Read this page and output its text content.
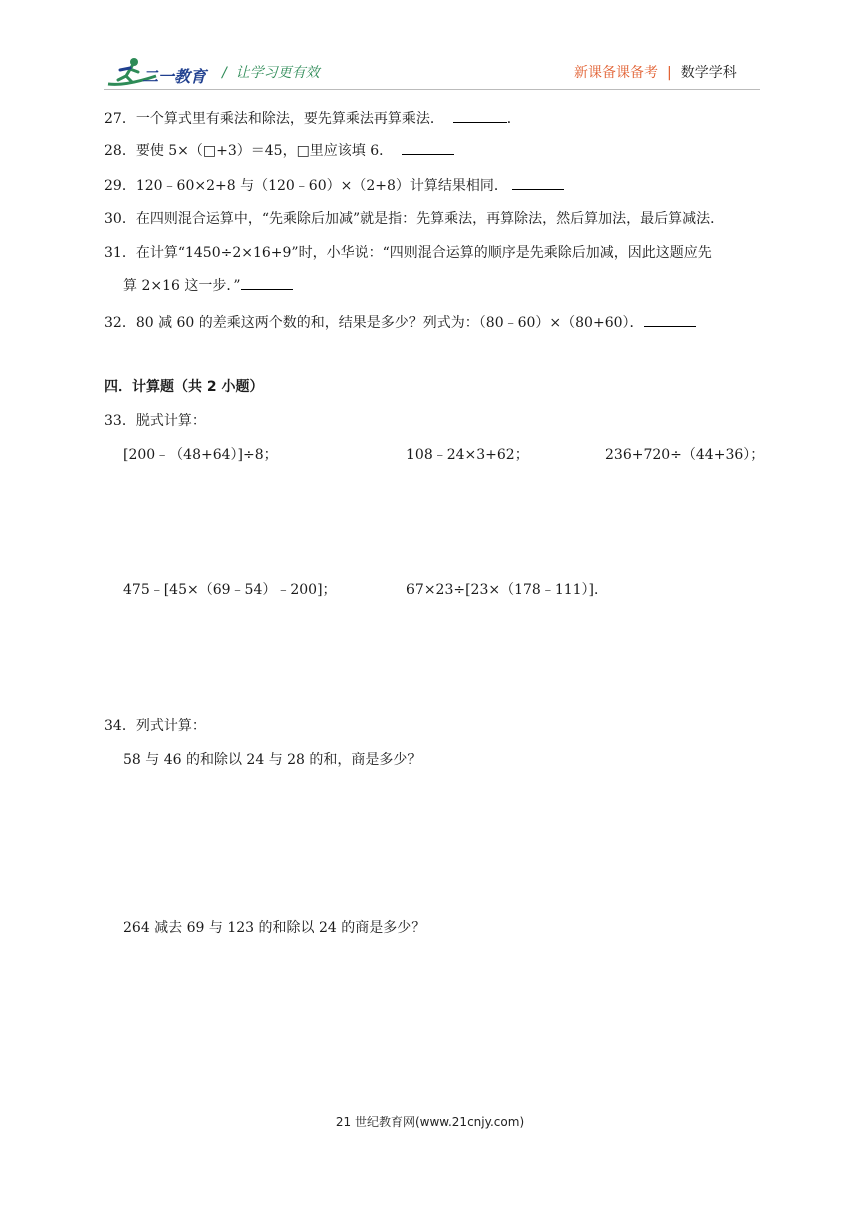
二一教育 /  让学习更有效	新课备课备考 | 数学学科
27．一个算式里有乘法和除法，要先算乘法再算乘法．	．
28．要使 5×（□+3）＝45，□里应该填 6．
29．120﹣60×2+8 与（120﹣60）×（2+8）计算结果相同．
30．在四则混合运算中，“先乘除后加减”就是指：先算乘法，再算除法，然后算加法，最后算减法．
31．在计算“1450÷2×16+9”时，小华说：“四则混合运算的顺序是先乘除后加减，因此这题应先
算 2×16 这一步．”
32．80 减 60 的差乘这两个数的和，结果是多少？列式为：（80﹣60）×（80+60）．
四．计算题（共 2 小题）
33．脱式计算：
[200﹣（48+64）]÷8；	108﹣24×3+62；	236+720÷（44+36）；
475﹣[45×（69﹣54）﹣200]；	67×23÷[23×（178﹣111）]．
34．列式计算：
58 与 46 的和除以 24 与 28 的和，商是多少？
264 减去 69 与 123 的和除以 24 的商是多少？
21 世纪教育网(www.21cnjy.com)
